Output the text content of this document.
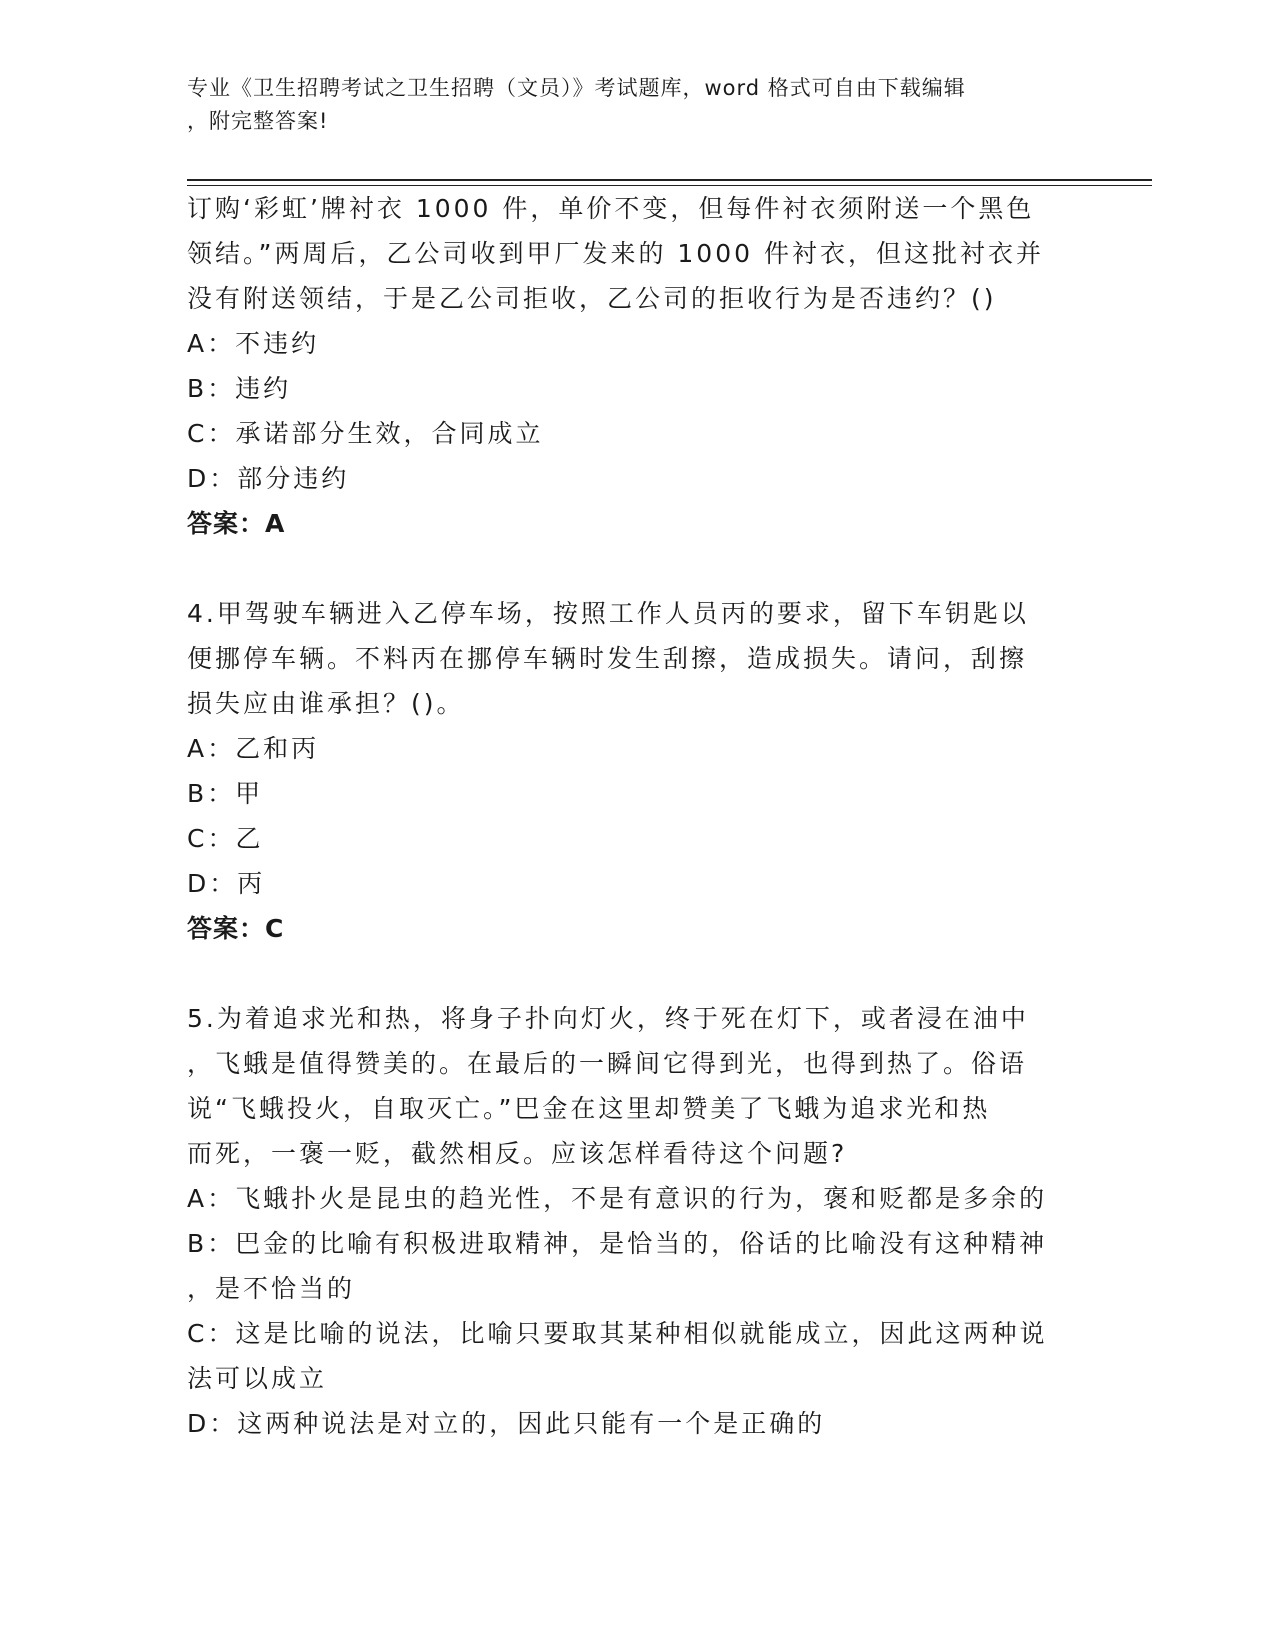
专业《卫生招聘考试之卫生招聘（文员）》考试题库，word 格式可自由下载编辑
，附完整答案!
订购‘彩虹’牌衬衣 1000 件，单价不变，但每件衬衣须附送一个黑色
领结。”两周后，乙公司收到甲厂发来的 1000 件衬衣，但这批衬衣并
没有附送领结，于是乙公司拒收，乙公司的拒收行为是否违约？()
A：不违约
B：违约
C：承诺部分生效，合同成立
D：部分违约
答案：A
4.甲驾驶车辆进入乙停车场，按照工作人员丙的要求，留下车钥匙以
便挪停车辆。不料丙在挪停车辆时发生刮擦，造成损失。请问，刮擦
损失应由谁承担？()。
A：乙和丙
B：甲
C：乙
D：丙
答案：C
5.为着追求光和热，将身子扑向灯火，终于死在灯下，或者浸在油中
，飞蛾是值得赞美的。在最后的一瞬间它得到光，也得到热了。俗语
说“飞蛾投火，自取灭亡。”巴金在这里却赞美了飞蛾为追求光和热
而死，一褒一贬，截然相反。应该怎样看待这个问题?
A：飞蛾扑火是昆虫的趋光性，不是有意识的行为，褒和贬都是多余的
B：巴金的比喻有积极进取精神，是恰当的，俗话的比喻没有这种精神
，是不恰当的
C：这是比喻的说法，比喻只要取其某种相似就能成立，因此这两种说
法可以成立
D：这两种说法是对立的，因此只能有一个是正确的
